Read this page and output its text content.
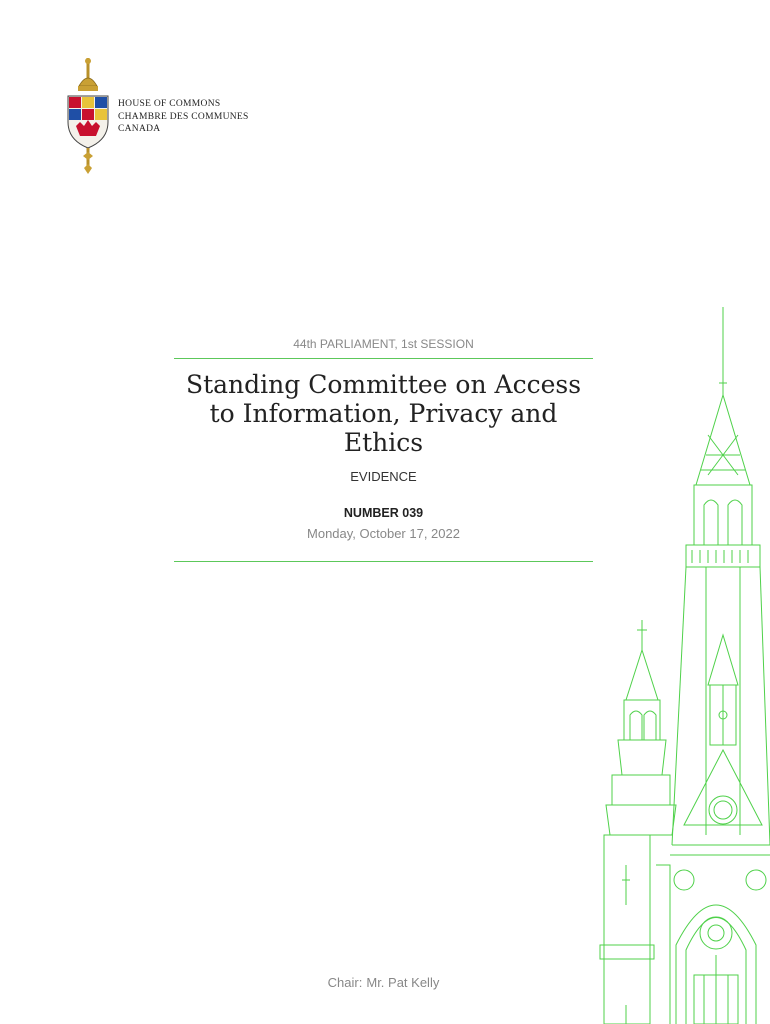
HOUSE OF COMMONS
CHAMBRE DES COMMUNES
CANADA
44th PARLIAMENT, 1st SESSION
Standing Committee on Access to Information, Privacy and Ethics
EVIDENCE
NUMBER 039
Monday, October 17, 2022
Chair: Mr. Pat Kelly
